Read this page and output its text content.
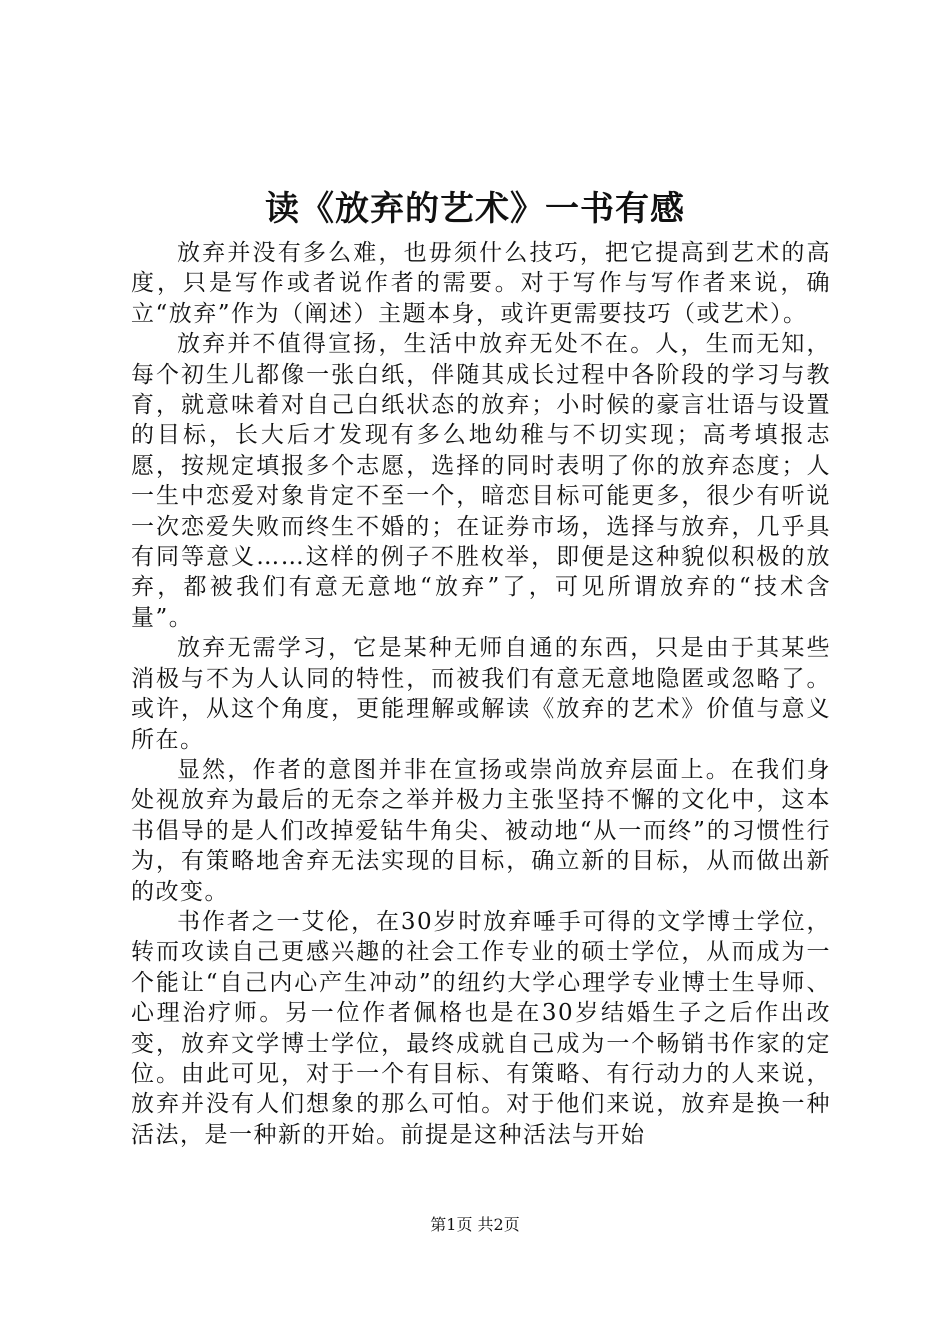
读《放弃的艺术》一书有感

放弃并没有多么难，也毋须什么技巧，把它提高到艺术的高度，只是写作或者说作者的需要。对于写作与写作者来说，确立“放弃”作为（阐述）主题本身，或许更需要技巧（或艺术）。

放弃并不值得宣扬，生活中放弃无处不在。人，生而无知，每个初生儿都像一张白纸，伴随其成长过程中各阶段的学习与教育，就意味着对自己白纸状态的放弃；小时候的豪言壮语与设置的目标，长大后才发现有多么地幼稚与不切实现；高考填报志愿，按规定填报多个志愿，选择的同时表明了你的放弃态度；人一生中恋爱对象肯定不至一个，暗恋目标可能更多，很少有听说一次恋爱失败而终生不婚的；在证券市场，选择与放弃，几乎具有同等意义……这样的例子不胜枚举，即便是这种貌似积极的放弃，都被我们有意无意地“放弃”了，可见所谓放弃的“技术含量”。

放弃无需学习，它是某种无师自通的东西，只是由于其某些消极与不为人认同的特性，而被我们有意无意地隐匿或忽略了。或许，从这个角度，更能理解或解读《放弃的艺术》价值与意义所在。

显然，作者的意图并非在宣扬或崇尚放弃层面上。在我们身处视放弃为最后的无奈之举并极力主张坚持不懈的文化中，这本书倡导的是人们改掉爱钻牛角尖、被动地“从一而终”的习惯性行为，有策略地舍弃无法实现的目标，确立新的目标，从而做出新的改变。

书作者之一艾伦，在30岁时放弃唾手可得的文学博士学位，转而攻读自己更感兴趣的社会工作专业的硕士学位，从而成为一个能让“自己内心产生冲动”的纽约大学心理学专业博士生导师、心理治疗师。另一位作者佩格也是在30岁结婚生子之后作出改变，放弃文学博士学位，最终成就自己成为一个畅销书作家的定位。由此可见，对于一个有目标、有策略、有行动力的人来说，放弃并没有人们想象的那么可怕。对于他们来说，放弃是换一种活法，是一种新的开始。前提是这种活法与开始

第1页 共2页
